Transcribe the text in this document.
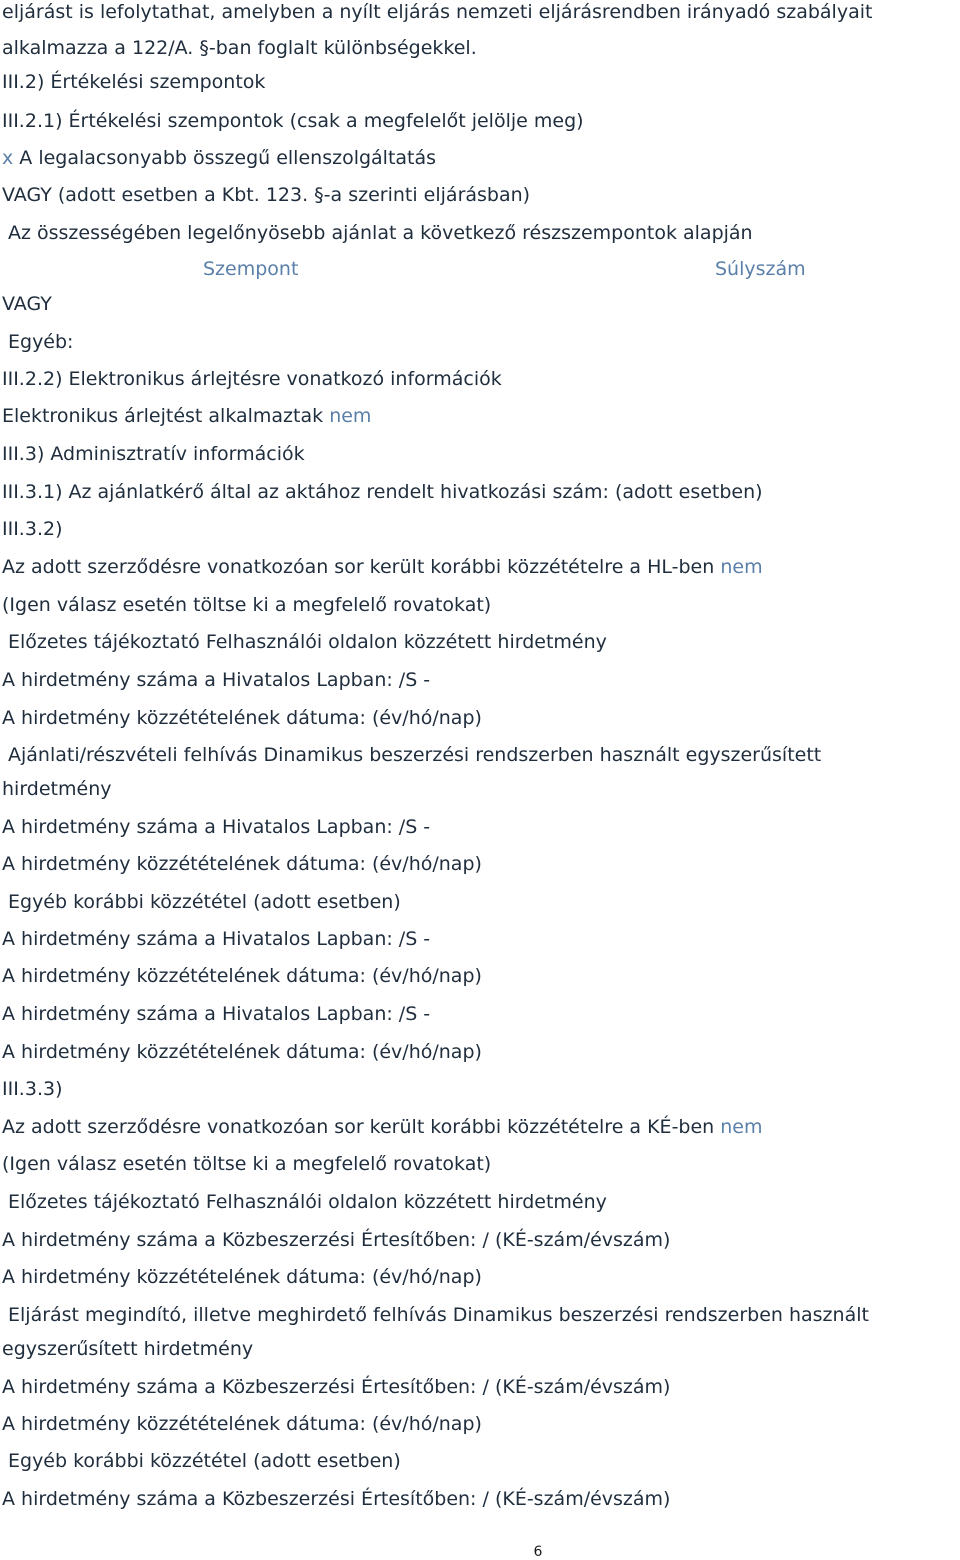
eljárást is lefolytathat, amelyben a nyílt eljárás nemzeti eljárásrendben irányadó szabályait
alkalmazza a 122/A. §-ban foglalt különbségekkel.
III.2) Értékelési szempontok
III.2.1) Értékelési szempontok (csak a megfelelőt jelölje meg)
x A legalacsonyabb összegű ellenszolgáltatás
VAGY (adott esetben a Kbt. 123. §-a szerinti eljárásban)
Az összességében legelőnyösebb ajánlat a következő részszempontok alapján
Szempont	Súlyszám
VAGY
Egyéb:
III.2.2) Elektronikus árlejtésre vonatkozó információk
Elektronikus árlejtést alkalmaztak nem
III.3) Adminisztratív információk
III.3.1) Az ajánlatkérő által az aktához rendelt hivatkozási szám: (adott esetben)
III.3.2)
Az adott szerződésre vonatkozóan sor került korábbi közzétételre a HL-ben nem
(Igen válasz esetén töltse ki a megfelelő rovatokat)
Előzetes tájékoztató Felhasználói oldalon közzétett hirdetmény
A hirdetmény száma a Hivatalos Lapban: /S -
A hirdetmény közzétételének dátuma: (év/hó/nap)
Ajánlati/részvételi felhívás Dinamikus beszerzési rendszerben használt egyszerűsített
hirdetmény
A hirdetmény száma a Hivatalos Lapban: /S -
A hirdetmény közzétételének dátuma: (év/hó/nap)
Egyéb korábbi közzététel (adott esetben)
A hirdetmény száma a Hivatalos Lapban: /S -
A hirdetmény közzétételének dátuma: (év/hó/nap)
A hirdetmény száma a Hivatalos Lapban: /S -
A hirdetmény közzétételének dátuma: (év/hó/nap)
III.3.3)
Az adott szerződésre vonatkozóan sor került korábbi közzétételre a KÉ-ben nem
(Igen válasz esetén töltse ki a megfelelő rovatokat)
Előzetes tájékoztató Felhasználói oldalon közzétett hirdetmény
A hirdetmény száma a Közbeszerzési Értesítőben: / (KÉ-szám/évszám)
A hirdetmény közzétételének dátuma: (év/hó/nap)
Eljárást megindító, illetve meghirdető felhívás Dinamikus beszerzési rendszerben használt
egyszerűsített hirdetmény
A hirdetmény száma a Közbeszerzési Értesítőben: / (KÉ-szám/évszám)
A hirdetmény közzétételének dátuma: (év/hó/nap)
Egyéb korábbi közzététel (adott esetben)
A hirdetmény száma a Közbeszerzési Értesítőben: / (KÉ-szám/évszám)
6
